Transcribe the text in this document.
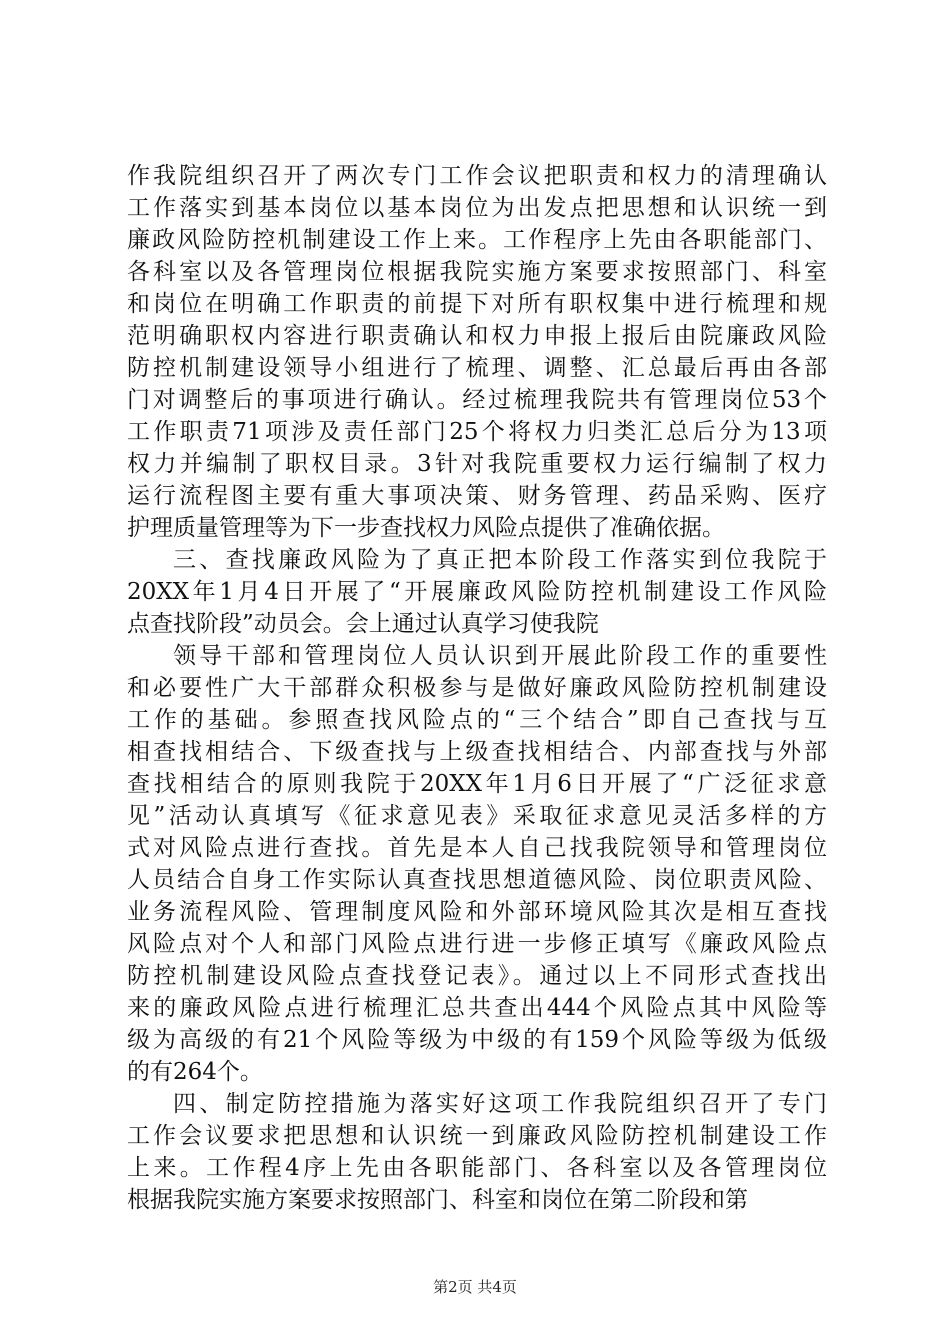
作我院组织召开了两次专门工作会议把职责和权力的清理确认
工作落实到基本岗位以基本岗位为出发点把思想和认识统一到
廉政风险防控机制建设工作上来。工作程序上先由各职能部门、
各科室以及各管理岗位根据我院实施方案要求按照部门、科室
和岗位在明确工作职责的前提下对所有职权集中进行梳理和规
范明确职权内容进行职责确认和权力申报上报后由院廉政风险
防控机制建设领导小组进行了梳理、调整、汇总最后再由各部
门对调整后的事项进行确认。经过梳理我院共有管理岗位53个
工作职责71项涉及责任部门25个将权力归类汇总后分为13项
权力并编制了职权目录。3针对我院重要权力运行编制了权力
运行流程图主要有重大事项决策、财务管理、药品采购、医疗
护理质量管理等为下一步查找权力风险点提供了准确依据。
三、查找廉政风险为了真正把本阶段工作落实到位我院于
20XX年1月4日开展了“开展廉政风险防控机制建设工作风险
点查找阶段”动员会。会上通过认真学习使我院
领导干部和管理岗位人员认识到开展此阶段工作的重要性
和必要性广大干部群众积极参与是做好廉政风险防控机制建设
工作的基础。参照查找风险点的“三个结合”即自己查找与互
相查找相结合、下级查找与上级查找相结合、内部查找与外部
查找相结合的原则我院于20XX年1月6日开展了“广泛征求意
见”活动认真填写《征求意见表》采取征求意见灵活多样的方
式对风险点进行查找。首先是本人自己找我院领导和管理岗位
人员结合自身工作实际认真查找思想道德风险、岗位职责风险、
业务流程风险、管理制度风险和外部环境风险其次是相互查找
风险点对个人和部门风险点进行进一步修正填写《廉政风险点
防控机制建设风险点查找登记表》。通过以上不同形式查找出
来的廉政风险点进行梳理汇总共查出444个风险点其中风险等
级为高级的有21个风险等级为中级的有159个风险等级为低级
的有264个。
四、制定防控措施为落实好这项工作我院组织召开了专门
工作会议要求把思想和认识统一到廉政风险防控机制建设工作
上来。工作程4序上先由各职能部门、各科室以及各管理岗位
根据我院实施方案要求按照部门、科室和岗位在第二阶段和第
第2页 共4页
